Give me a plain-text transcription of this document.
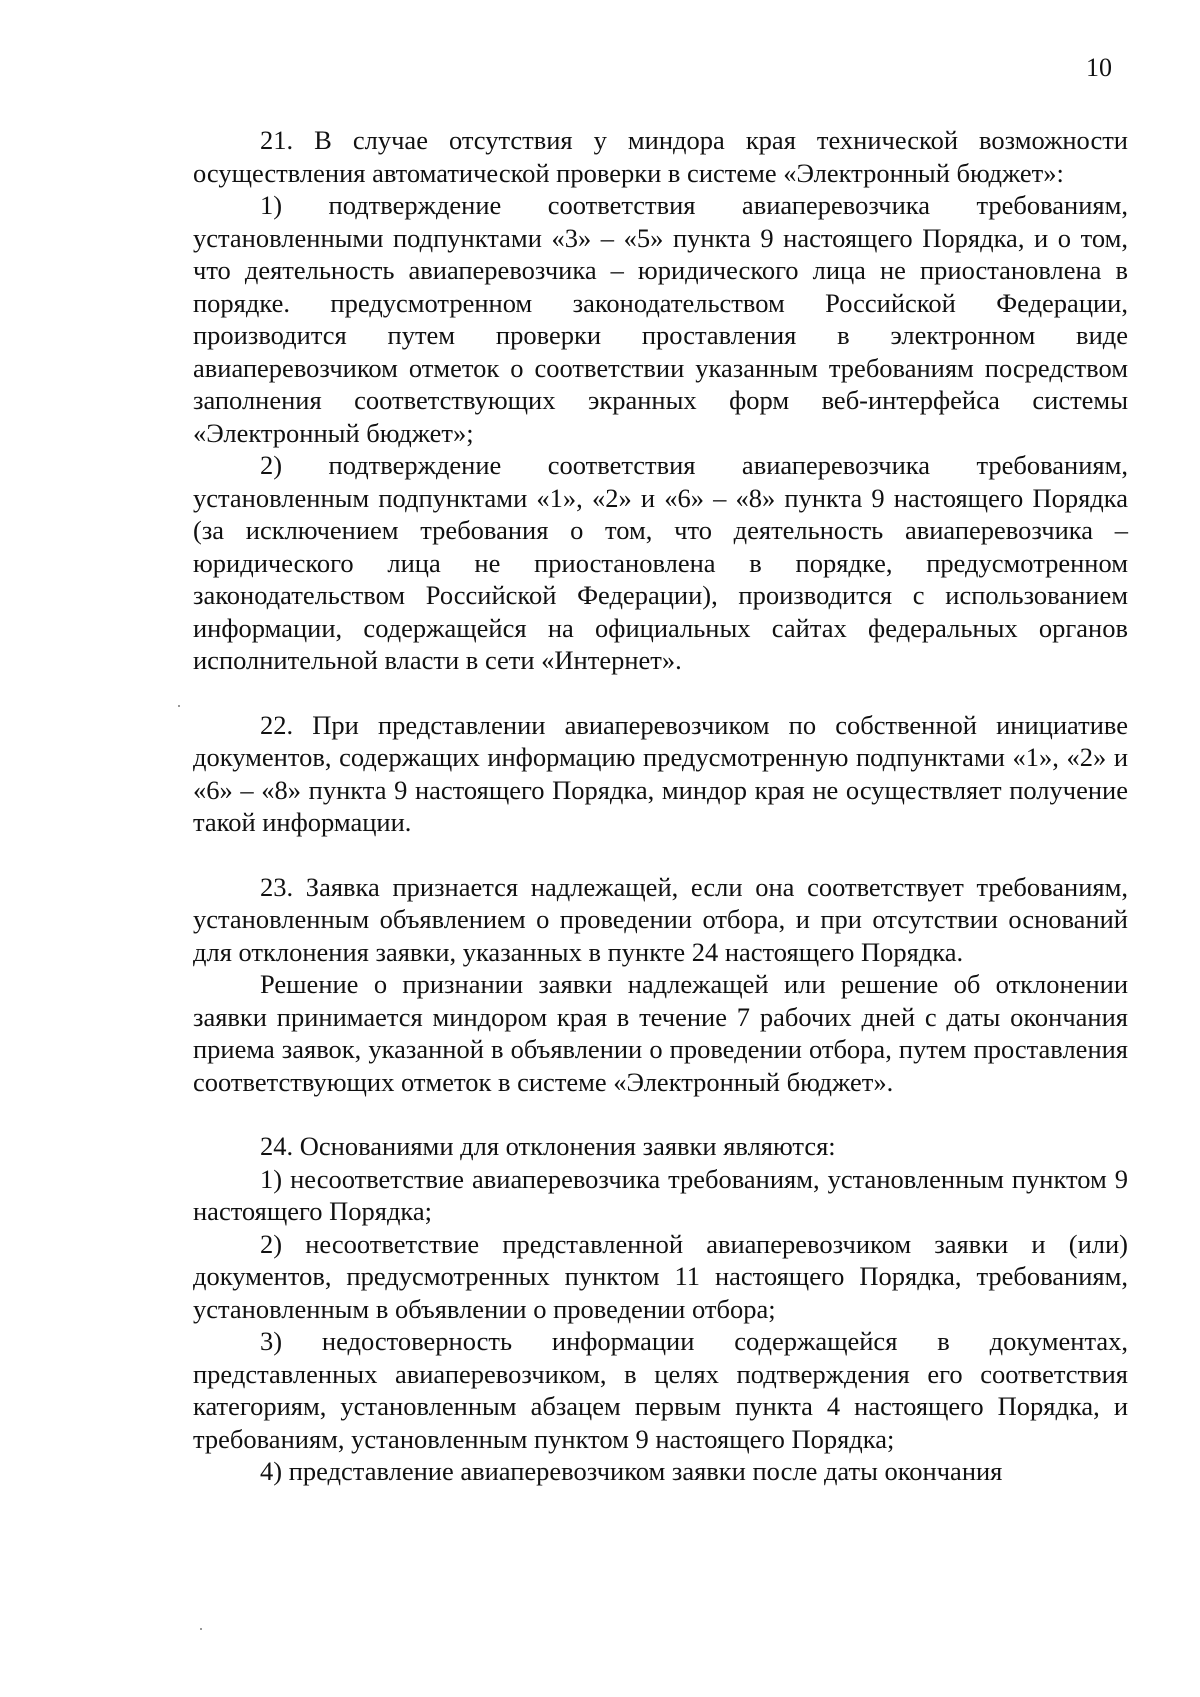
10

21. В случае отсутствия у миндора края технической возможности осуществления автоматической проверки в системе «Электронный бюджет»:

1) подтверждение соответствия авиаперевозчика требованиям, установленными подпунктами «3» – «5» пункта 9 настоящего Порядка, и о том, что деятельность авиаперевозчика – юридического лица не приостановлена в порядке. предусмотренном законодательством Российской Федерации, производится путем проверки проставления в электронном виде авиаперевозчиком отметок о соответствии указанным требованиям посредством заполнения соответствующих экранных форм веб-интерфейса системы «Электронный бюджет»;

2) подтверждение соответствия авиаперевозчика требованиям, установленным подпунктами «1», «2» и «6» – «8» пункта 9 настоящего Порядка (за исключением требования о том, что деятельность авиаперевозчика – юридического лица не приостановлена в порядке, предусмотренном законодательством Российской Федерации), производится с использованием информации, содержащейся на официальных сайтах федеральных органов исполнительной власти в сети «Интернет».

22. При представлении авиаперевозчиком по собственной инициативе документов, содержащих информацию предусмотренную подпунктами «1», «2» и «6» – «8» пункта 9 настоящего Порядка, миндор края не осуществляет получение такой информации.

23. Заявка признается надлежащей, если она соответствует требованиям, установленным объявлением о проведении отбора, и при отсутствии оснований для отклонения заявки, указанных в пункте 24 настоящего Порядка.

Решение о признании заявки надлежащей или решение об отклонении заявки принимается миндором края в течение 7 рабочих дней с даты окончания приема заявок, указанной в объявлении о проведении отбора, путем проставления соответствующих отметок в системе «Электронный бюджет».

24. Основаниями для отклонения заявки являются:

1) несоответствие авиаперевозчика требованиям, установленным пунктом 9 настоящего Порядка;

2) несоответствие представленной авиаперевозчиком заявки и (или) документов, предусмотренных пунктом 11 настоящего Порядка, требованиям, установленным в объявлении о проведении отбора;

3) недостоверность информации содержащейся в документах, представленных авиаперевозчиком, в целях подтверждения его соответствия категориям, установленным абзацем первым пункта 4 настоящего Порядка, и требованиям, установленным пунктом 9 настоящего Порядка;

4) представление авиаперевозчиком заявки после даты окончания
